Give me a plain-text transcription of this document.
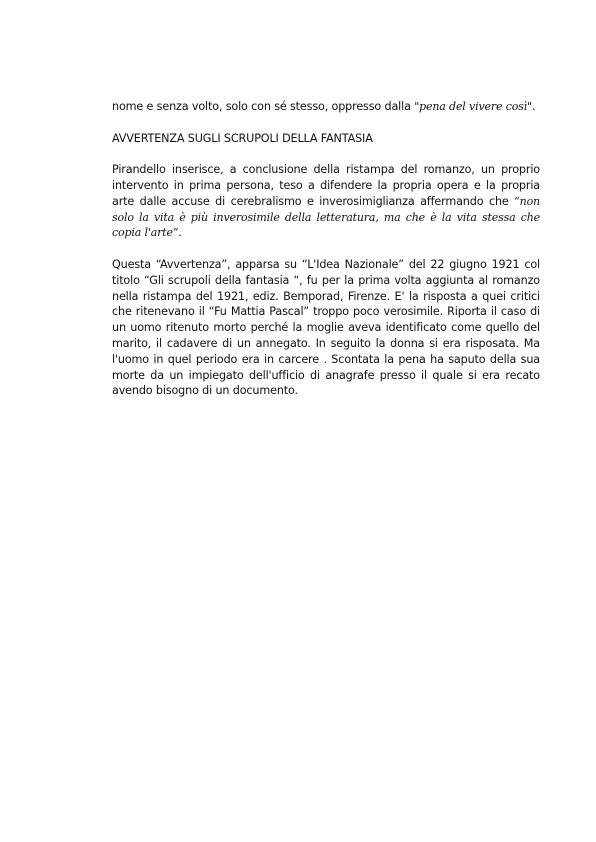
nome e senza volto, solo con sé stesso, oppresso dalla "pena del vivere così".

AVVERTENZA SUGLI SCRUPOLI DELLA FANTASIA

Pirandello inserisce, a conclusione della ristampa del romanzo, un proprio intervento in prima persona, teso a difendere la propria opera e la propria arte dalle accuse di cerebralismo e inverosimiglianza affermando che “non solo la vita è più inverosimile della letteratura, ma che è la vita stessa che copia l'arte”.

Questa “Avvertenza”, apparsa su “L'Idea Nazionale” del 22 giugno 1921 col titolo “Gli scrupoli della fantasia “, fu per la prima volta aggiunta al romanzo nella ristampa del 1921, ediz. Bemporad, Firenze. E' la risposta a quei critici che ritenevano il “Fu Mattia Pascal” troppo poco verosimile. Riporta il caso di un uomo ritenuto morto perché la moglie aveva identificato come quello del marito, il cadavere di un annegato. In seguito la donna si era risposata. Ma l'uomo in quel periodo era in carcere . Scontata la pena ha saputo della sua morte da un impiegato dell'ufficio di anagrafe presso il quale si era recato avendo bisogno di un documento.
